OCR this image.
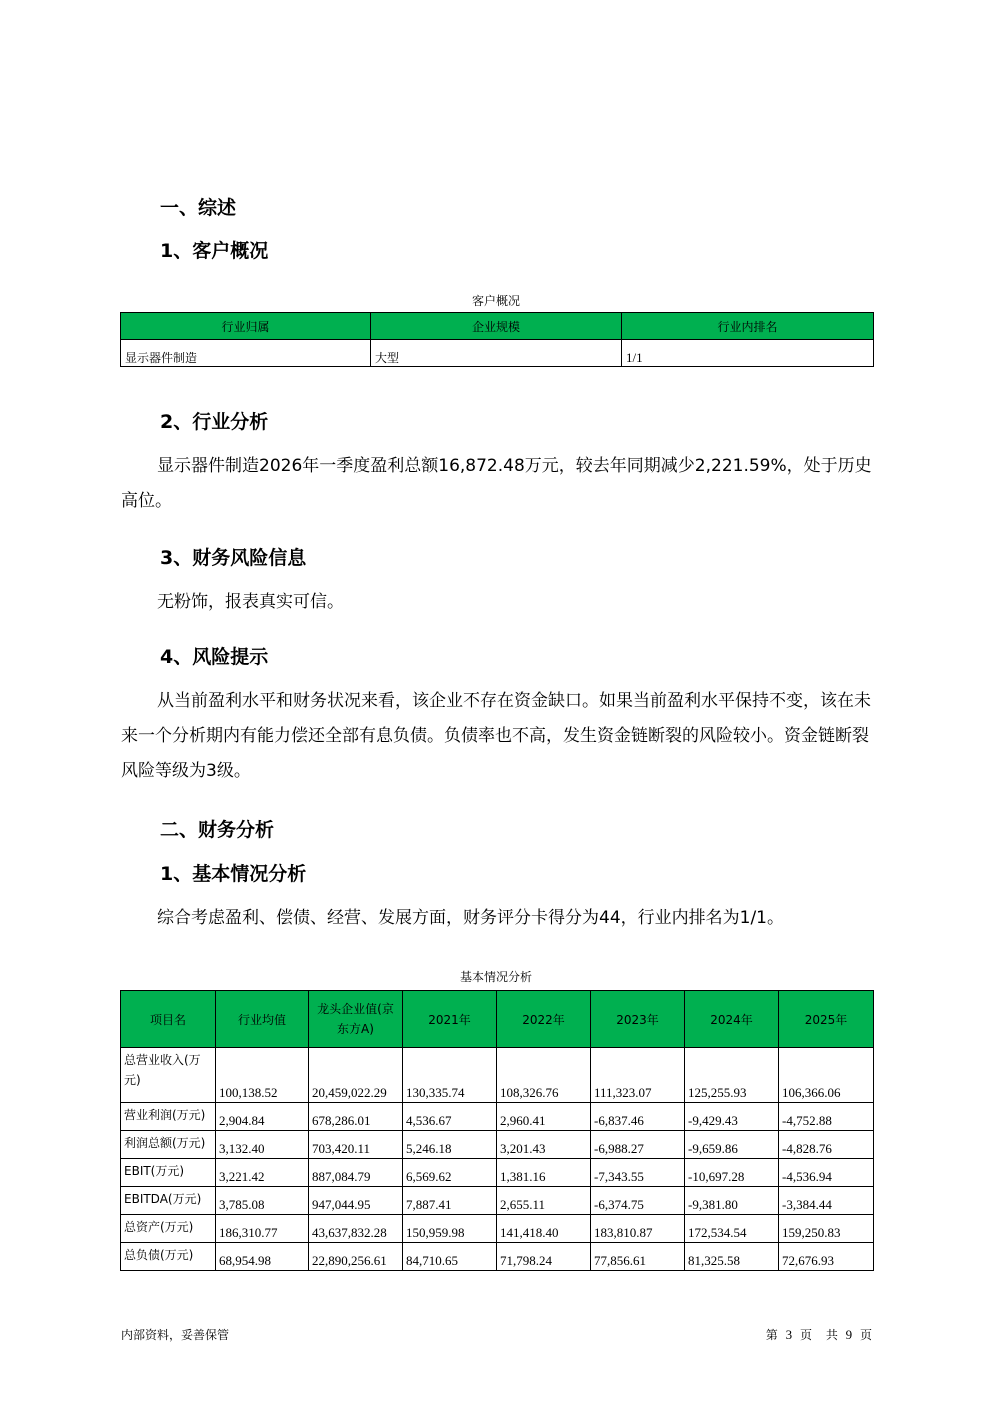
一、综述
1、客户概况
客户概况
行业归属	企业规模	行业内排名
显示器件制造	大型	1/1
2、行业分析

显示器件制造2026年一季度盈利总额16,872.48万元，较去年同期减少2,221.59%，处于历史高位。

3、财务风险信息

无粉饰，报表真实可信。

4、风险提示

从当前盈利水平和财务状况来看，该企业不存在资金缺口。如果当前盈利水平保持不变，该在未来一个分析期内有能力偿还全部有息负债。负债率也不高，发生资金链断裂的风险较小。资金链断裂风险等级为3级。

二、财务分析
1、基本情况分析

综合考虑盈利、偿债、经营、发展方面，财务评分卡得分为44，行业内排名为1/1。

基本情况分析
项目名	行业均值	龙头企业值(京东方A)	2021年	2022年	2023年	2024年	2025年
总营业收入(万元)	100,138.52	20,459,022.29	130,335.74	108,326.76	111,323.07	125,255.93	106,366.06
营业利润(万元)	2,904.84	678,286.01	4,536.67	2,960.41	-6,837.46	-9,429.43	-4,752.88
利润总额(万元)	3,132.40	703,420.11	5,246.18	3,201.43	-6,988.27	-9,659.86	-4,828.76
EBIT(万元)	3,221.42	887,084.79	6,569.62	1,381.16	-7,343.55	-10,697.28	-4,536.94
EBITDA(万元)	3,785.08	947,044.95	7,887.41	2,655.11	-6,374.75	-9,381.80	-3,384.44
总资产(万元)	186,310.77	43,637,832.28	150,959.98	141,418.40	183,810.87	172,534.54	159,250.83
总负债(万元)	68,954.98	22,890,256.61	84,710.65	71,798.24	77,856.61	81,325.58	72,676.93
内部资料，妥善保管	第 3 页 共 9 页
